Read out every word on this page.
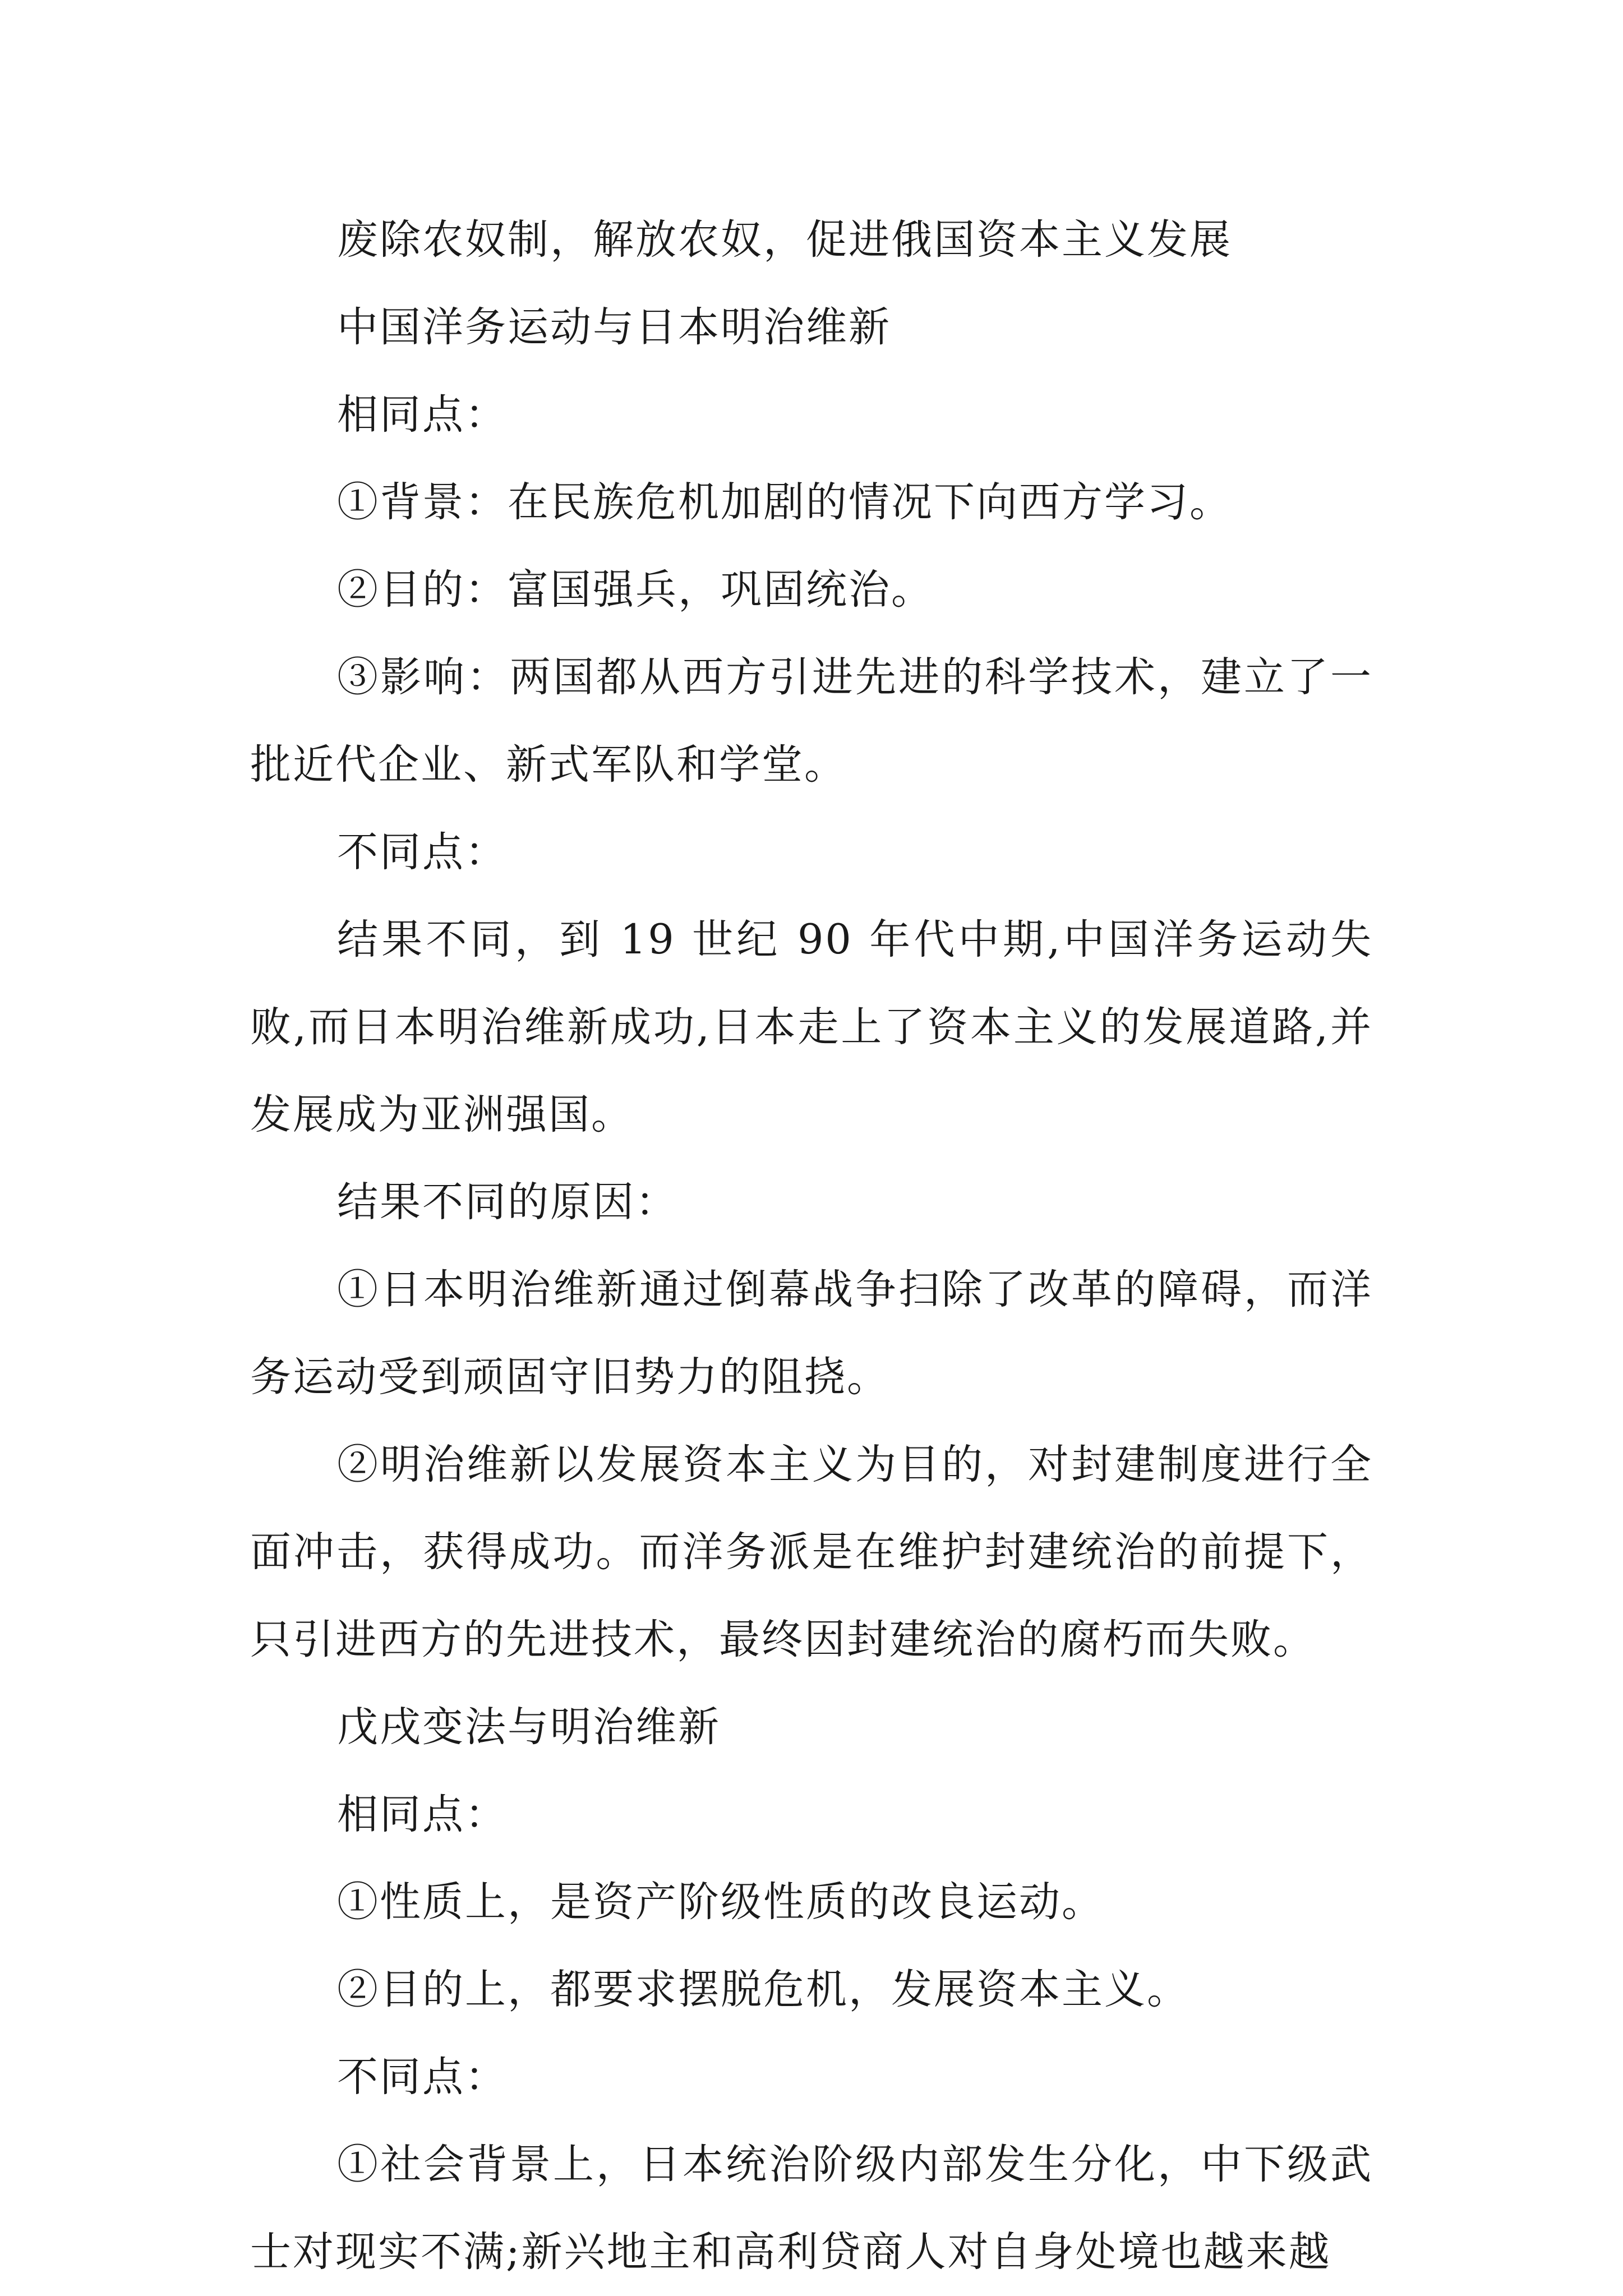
废除农奴制，解放农奴，促进俄国资本主义发展

中国洋务运动与日本明治维新

相同点：

①背景：在民族危机加剧的情况下向西方学习。

②目的：富国强兵，巩固统治。

③影响：两国都从西方引进先进的科学技术，建立了一批近代企业、新式军队和学堂。

不同点：

结果不同，到 19 世纪 90 年代中期,中国洋务运动失败,而日本明治维新成功,日本走上了资本主义的发展道路,并发展成为亚洲强国。

结果不同的原因：

①日本明治维新通过倒幕战争扫除了改革的障碍，而洋务运动受到顽固守旧势力的阻挠。

②明治维新以发展资本主义为目的，对封建制度进行全面冲击，获得成功。而洋务派是在维护封建统治的前提下，只引进西方的先进技术，最终因封建统治的腐朽而失败。

戊戌变法与明治维新

相同点：

①性质上，是资产阶级性质的改良运动。

②目的上，都要求摆脱危机，发展资本主义。

不同点：

①社会背景上，日本统治阶级内部发生分化，中下级武士对现实不满;新兴地主和高利贷商人对自身处境也越来越
